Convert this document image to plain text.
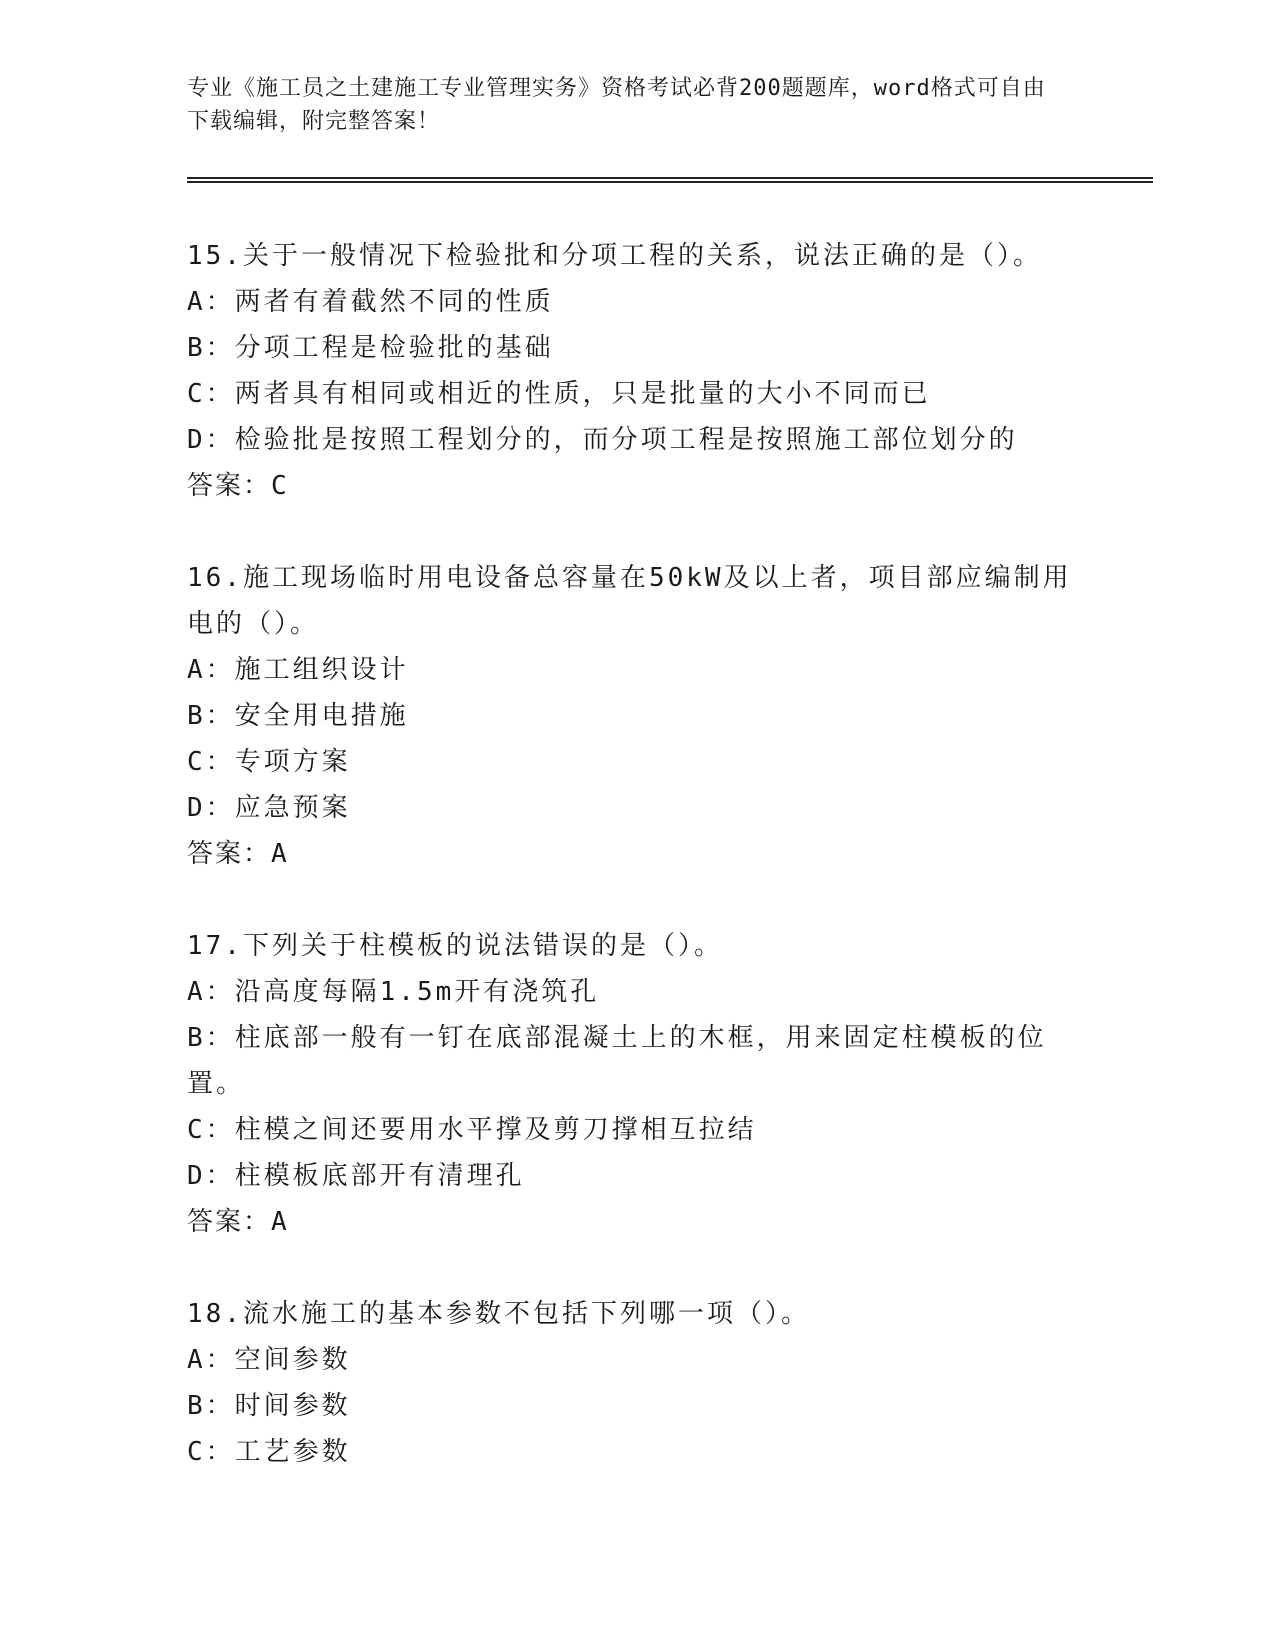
专业《施工员之土建施工专业管理实务》资格考试必背200题题库，word格式可自由下载编辑，附完整答案！
15.关于一般情况下检验批和分项工程的关系，说法正确的是（）。
A：两者有着截然不同的性质
B：分项工程是检验批的基础
C：两者具有相同或相近的性质，只是批量的大小不同而已
D：检验批是按照工程划分的，而分项工程是按照施工部位划分的
答案：C
16.施工现场临时用电设备总容量在50kW及以上者，项目部应编制用电的（）。
A：施工组织设计
B：安全用电措施
C：专项方案
D：应急预案
答案：A
17.下列关于柱模板的说法错误的是（）。
A：沿高度每隔1.5m开有浇筑孔
B：柱底部一般有一钉在底部混凝土上的木框，用来固定柱模板的位置。
C：柱模之间还要用水平撑及剪刀撑相互拉结
D：柱模板底部开有清理孔
答案：A
18.流水施工的基本参数不包括下列哪一项（）。
A：空间参数
B：时间参数
C：工艺参数
